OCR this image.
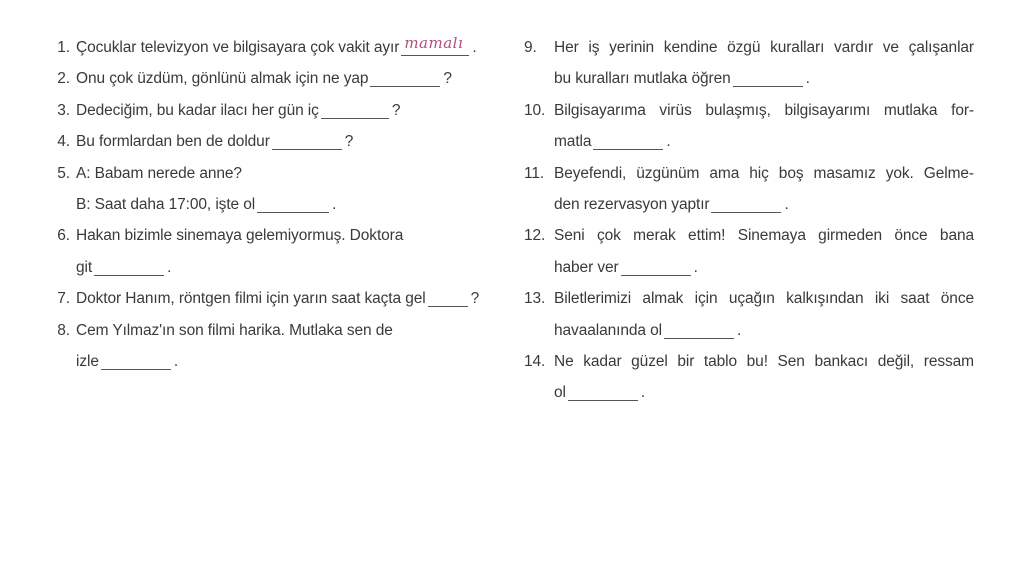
1. Çocuklar televizyon ve bilgisayara çok vakit ayır mamalı .
2. Onu çok üzdüm, gönlünü almak için ne yap	?
3. Dedeciğim, bu kadar ilacı her gün iç	?
4. Bu formlardan ben de doldur	?
5. A: Babam nerede anne?
B: Saat daha 17:00, işte ol	.
6. Hakan bizimle sinemaya gelemiyormuş. Doktora
git	.
7. Doktor Hanım, röntgen filmi için yarın saat kaçta gel	?
8. Cem Yılmaz'ın son filmi harika. Mutlaka sen de
izle	.
9. Her iş yerinin kendine özgü kuralları vardır ve çalışanlar
bu kuralları mutlaka öğren	.
10. Bilgisayarıma virüs bulaşmış, bilgisayarımı mutlaka for-
matla	.
11. Beyefendi, üzgünüm ama hiç boş masamız yok. Gelme-
den rezervasyon yaptır	.
12. Seni çok merak ettim! Sinemaya girmeden önce bana
haber ver	.
13. Biletlerimizi almak için uçağın kalkışından iki saat önce
havaalanında ol	.
14. Ne kadar güzel bir tablo bu! Sen bankacı değil, ressam
ol	.
